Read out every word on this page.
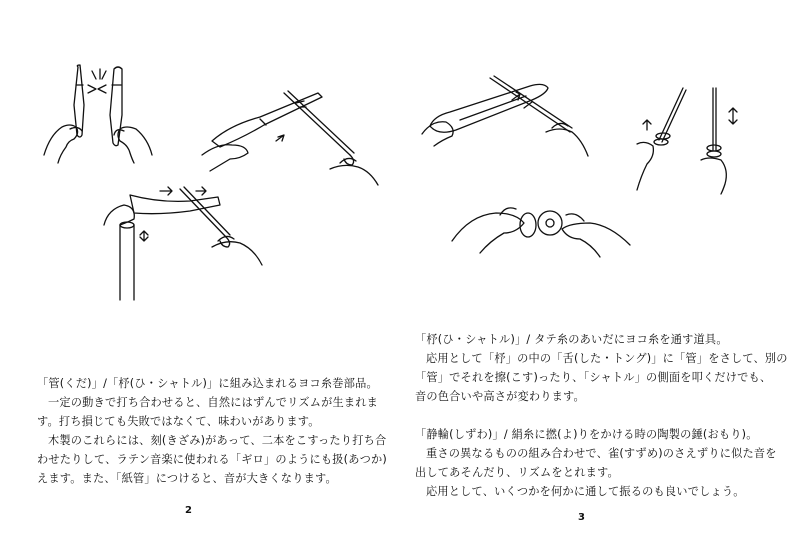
「管(くだ)」/「杼(ひ・シャトル)」に組み込まれるヨコ糸巻部品。

一定の動きで打ち合わせると、自然にはずんでリズムが生まれま

す。打ち損じても失敗ではなくて、味わいがあります。

木製のこれらには、刻(きざみ)があって、二本をこすったり打ち合

わせたりして、ラテン音楽に使われる「ギロ」のようにも扱(あつか)

えます。また、「紙管」につけると、音が大きくなります。

2

「杼(ひ・シャトル)」/ タテ糸のあいだにヨコ糸を通す道具。

応用として「杼」の中の「舌(した・トング)」に「管」をさして、別の

「管」でそれを擦(こす)ったり、「シャトル」の側面を叩くだけでも、

音の色合いや高さが変わります。

「静輪(しずわ)」/ 絹糸に撚(よ)りをかける時の陶製の錘(おもり)。

重さの異なるものの組み合わせで、雀(すずめ)のさえずりに似た音を

出してあそんだり、リズムをとれます。

応用として、いくつかを何かに通して振るのも良いでしょう。

3
